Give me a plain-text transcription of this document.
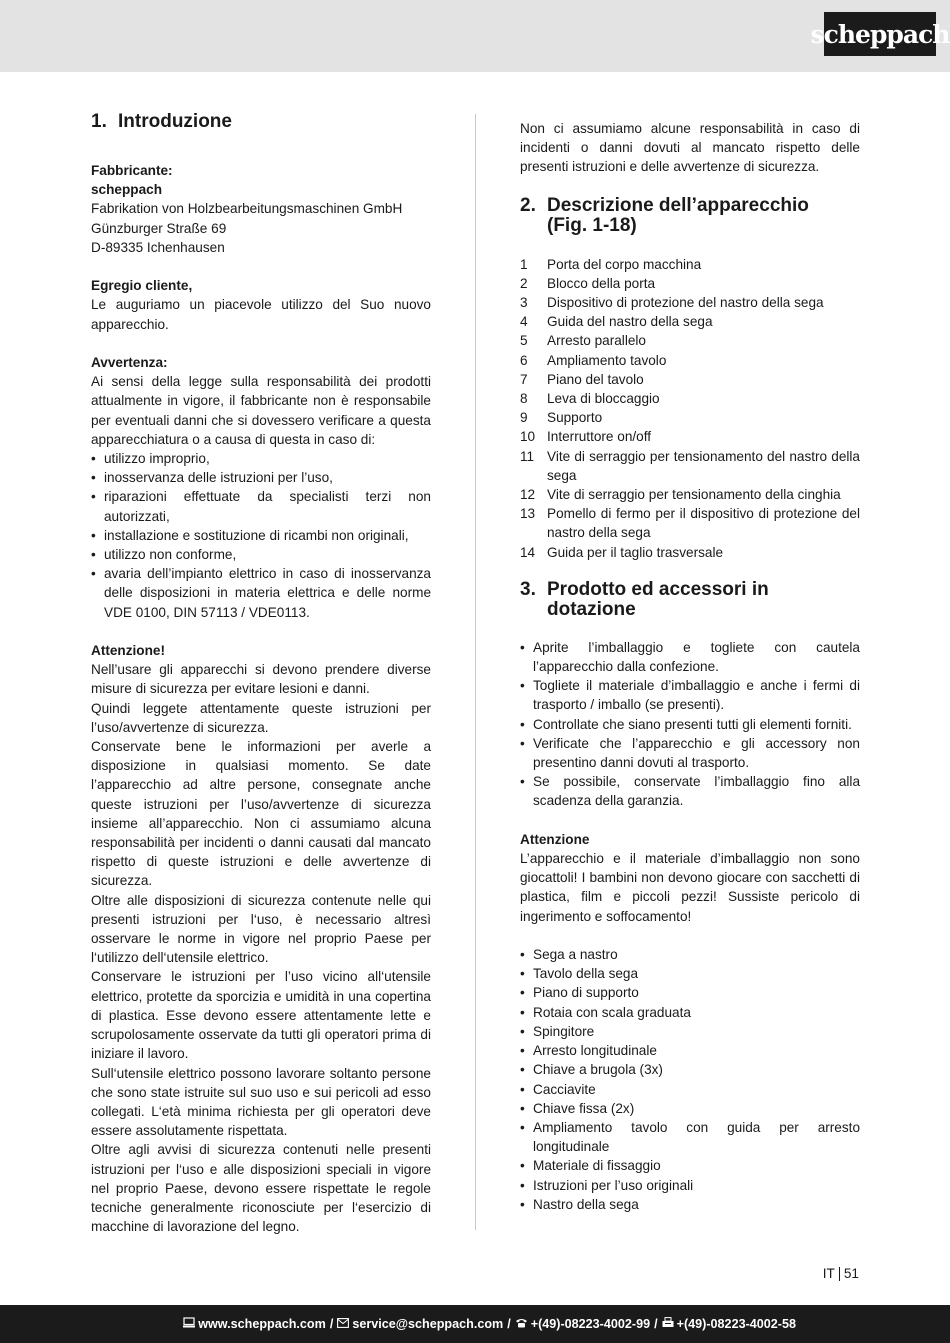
scheppach
1. Introduzione

Fabbricante:

scheppach

Fabrikation von Holzbearbeitungsmaschinen GmbH

Günzburger Straße 69

D-89335 Ichenhausen

Egregio cliente,

Le auguriamo un piacevole utilizzo del Suo nuovo apparecchio.

Avvertenza:

Ai sensi della legge sulla responsabilità dei prodotti attualmente in vigore, il fabbricante non è responsabile per eventuali danni che si dovessero verificare a questa apparecchiatura o a causa di questa in caso di:

• utilizzo improprio,
• inosservanza delle istruzioni per l’uso,
• riparazioni effettuate da specialisti terzi non autorizzati,
• installazione e sostituzione di ricambi non originali,
• utilizzo non conforme,
• avaria dell’impianto elettrico in caso di inosservanza delle disposizioni in materia elettrica e delle norme VDE 0100, DIN 57113 / VDE0113.

Attenzione!

Nell’usare gli apparecchi si devono prendere diverse misure di sicurezza per evitare lesioni e danni.

Quindi leggete attentamente queste istruzioni per l’uso/avvertenze di sicurezza.

Conservate bene le informazioni per averle a disposizione in qualsiasi momento. Se date l’apparecchio ad altre persone, consegnate anche queste istruzioni per l’uso/avvertenze di sicurezza insieme all’apparecchio. Non ci assumiamo alcuna responsabilità per incidenti o danni causati dal mancato rispetto di queste istruzioni e delle avvertenze di sicurezza.

Oltre alle disposizioni di sicurezza contenute nelle qui presenti istruzioni per l‘uso, è necessario altresì osservare le norme in vigore nel proprio Paese per l‘utilizzo dell‘utensile elettrico.

Conservare le istruzioni per l’uso vicino all‘utensile elettrico, protette da sporcizia e umidità in una copertina di plastica. Esse devono essere attentamente lette e scrupolosamente osservate da tutti gli operatori prima di iniziare il lavoro.

Sull‘utensile elettrico possono lavorare soltanto persone che sono state istruite sul suo uso e sui pericoli ad esso collegati. L‘età minima richiesta per gli operatori deve essere assolutamente rispettata.

Oltre agli avvisi di sicurezza contenuti nelle presenti istruzioni per l‘uso e alle disposizioni speciali in vigore nel proprio Paese, devono essere rispettate le regole tecniche generalmente riconosciute per l‘esercizio di macchine di lavorazione del legno.

Non ci assumiamo alcune responsabilità in caso di incidenti o danni dovuti al mancato rispetto delle presenti istruzioni e delle avvertenze di sicurezza.

2. Descrizione dell’apparecchio
(Fig. 1-18)
1	Porta del corpo macchina
2	Blocco della porta
3	Dispositivo di protezione del nastro della sega
4	Guida del nastro della sega
5	Arresto parallelo
6	Ampliamento tavolo
7	Piano del tavolo
8	Leva di bloccaggio
9	Supporto
10 Interruttore on/off
11 Vite di serraggio per tensionamento del nastro della sega
12 Vite di serraggio per tensionamento della cinghia
13 Pomello di fermo per il dispositivo di protezione del nastro della sega
14 Guida per il taglio trasversale
3. Prodotto ed accessori in dotazione
• Aprite l’imballaggio e togliete con cautela l’apparecchio dalla confezione.
• Togliete il materiale d’imballaggio e anche i fermi di trasporto / imballo (se presenti).
• Controllate che siano presenti tutti gli elementi forniti.
• Verificate che l’apparecchio e gli accessory non presentino danni dovuti al trasporto.
• Se possibile, conservate l’imballaggio fino alla scadenza della garanzia.

Attenzione

L’apparecchio e il materiale d’imballaggio non sono giocattoli! I bambini non devono giocare con sacchetti di plastica, film e piccoli pezzi! Sussiste pericolo di ingerimento e soffocamento!

• Sega a nastro
• Tavolo della sega
• Piano di supporto
• Rotaia con scala graduata
• Spingitore
• Arresto longitudinale
• Chiave a brugola (3x)
• Cacciavite
• Chiave fissa (2x)
• Ampliamento tavolo con guida per arresto longitudinale
• Materiale di fissaggio
• Istruzioni per l’uso originali
• Nastro della sega
IT 51
www.scheppach.com / service@scheppach.com / +(49)-08223-4002-99 / +(49)-08223-4002-58
